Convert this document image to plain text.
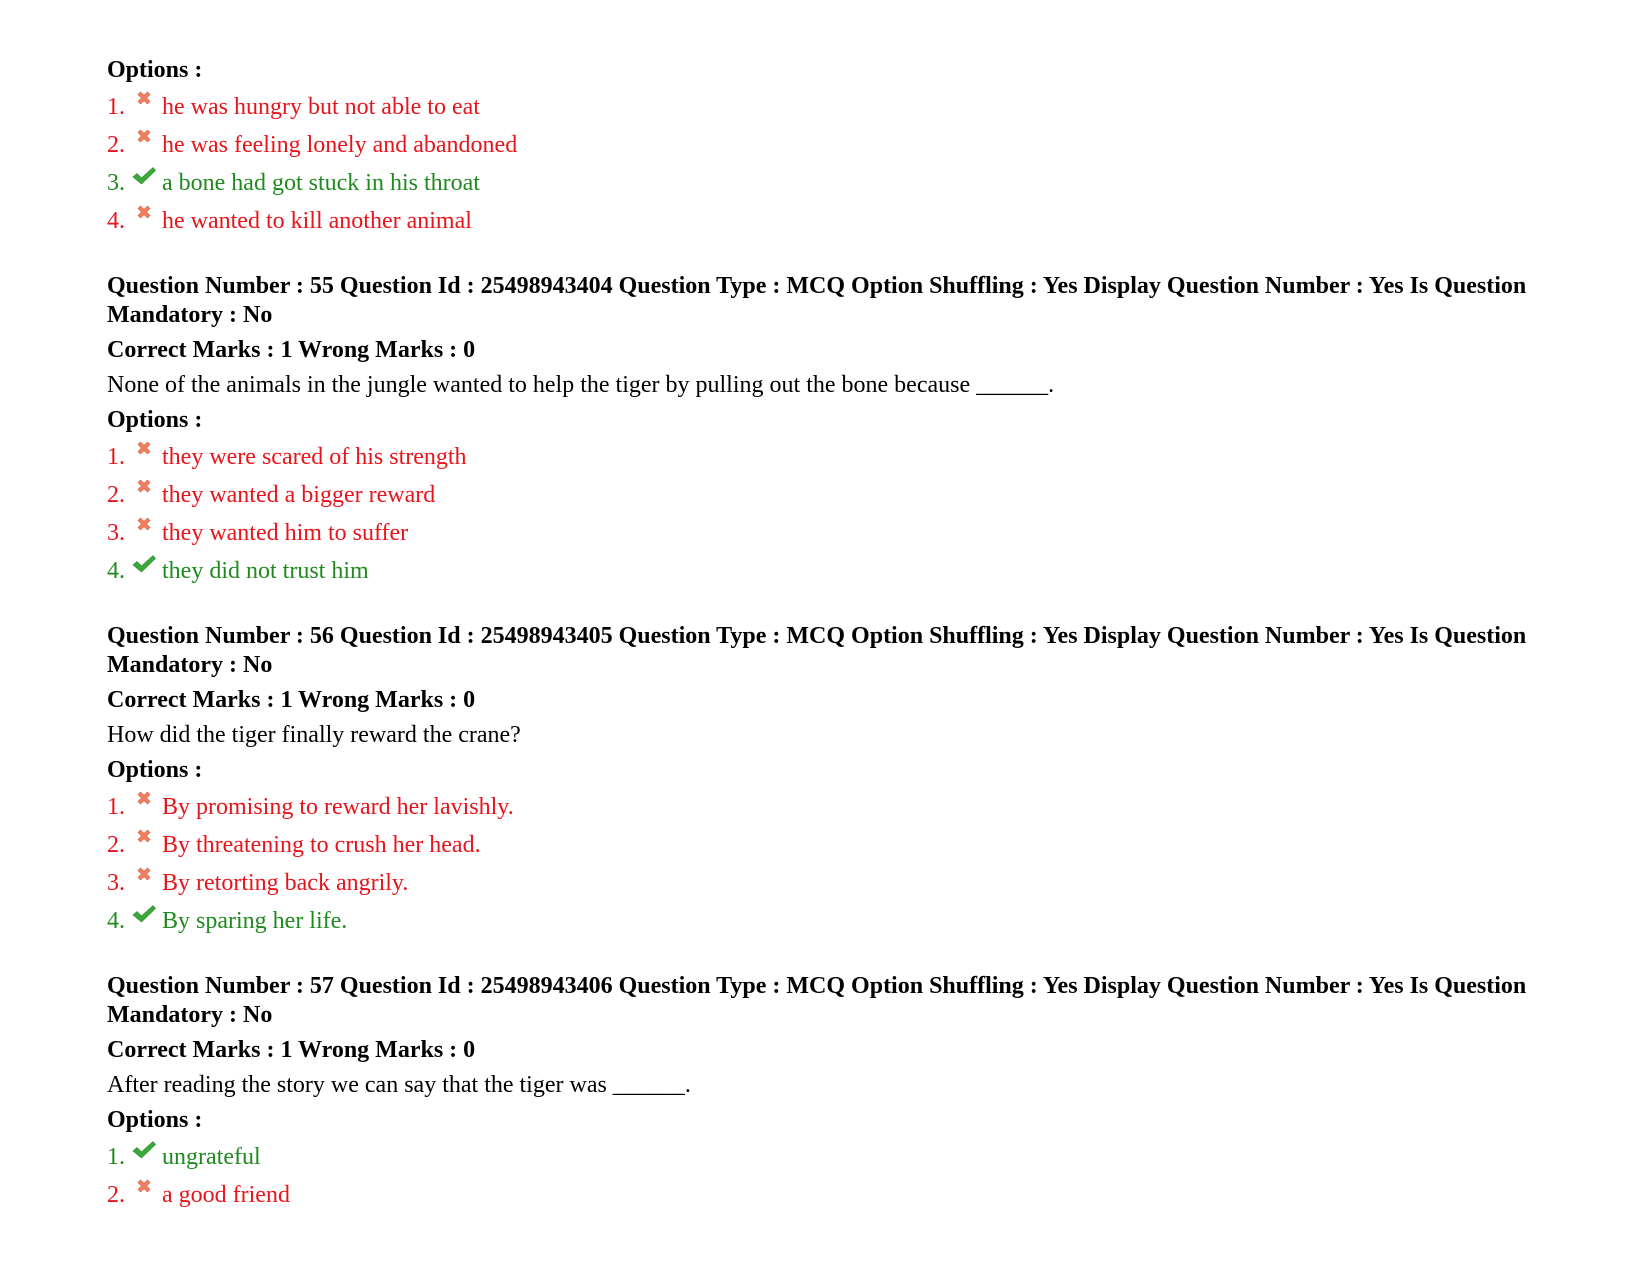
Options :
1. he was hungry but not able to eat
2. he was feeling lonely and abandoned
3. a bone had got stuck in his throat
4. he wanted to kill another animal
Question Number : 55 Question Id : 25498943404 Question Type : MCQ Option Shuffling : Yes Display Question Number : Yes Is Question Mandatory : No
Correct Marks : 1 Wrong Marks : 0
None of the animals in the jungle wanted to help the tiger by pulling out the bone because ______.
Options :
1. they were scared of his strength
2. they wanted a bigger reward
3. they wanted him to suffer
4. they did not trust him
Question Number : 56 Question Id : 25498943405 Question Type : MCQ Option Shuffling : Yes Display Question Number : Yes Is Question Mandatory : No
Correct Marks : 1 Wrong Marks : 0
How did the tiger finally reward the crane?
Options :
1. By promising to reward her lavishly.
2. By threatening to crush her head.
3. By retorting back angrily.
4. By sparing her life.
Question Number : 57 Question Id : 25498943406 Question Type : MCQ Option Shuffling : Yes Display Question Number : Yes Is Question Mandatory : No
Correct Marks : 1 Wrong Marks : 0
After reading the story we can say that the tiger was ______.
Options :
1. ungrateful
2. a good friend
